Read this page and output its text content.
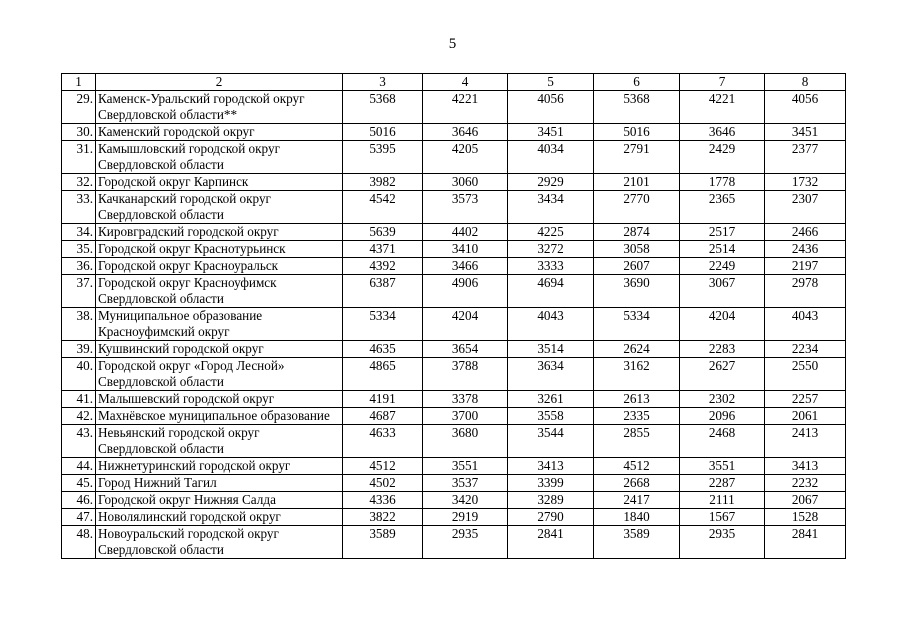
5
1	2	3	4	5	6	7	8
29.	Каменск-Уральский городской округ Свердловской области**	5368	4221	4056	5368	4221	4056
30.	Каменский городской округ	5016	3646	3451	5016	3646	3451
31.	Камышловский городской округ Свердловской области	5395	4205	4034	2791	2429	2377
32.	Городской округ Карпинск	3982	3060	2929	2101	1778	1732
33.	Качканарский городской округ Свердловской области	4542	3573	3434	2770	2365	2307
34.	Кировградский городской округ	5639	4402	4225	2874	2517	2466
35.	Городской округ Краснотурьинск	4371	3410	3272	3058	2514	2436
36.	Городской округ Красноуральск	4392	3466	3333	2607	2249	2197
37.	Городской округ Красноуфимск Свердловской области	6387	4906	4694	3690	3067	2978
38.	Муниципальное образование Красноуфимский округ	5334	4204	4043	5334	4204	4043
39.	Кушвинский городской округ	4635	3654	3514	2624	2283	2234
40.	Городской округ «Город Лесной» Свердловской области	4865	3788	3634	3162	2627	2550
41.	Малышевский городской округ	4191	3378	3261	2613	2302	2257
42.	Махнёвское муниципальное образование	4687	3700	3558	2335	2096	2061
43.	Невьянский городской округ Свердловской области	4633	3680	3544	2855	2468	2413
44.	Нижнетуринский городской округ	4512	3551	3413	4512	3551	3413
45.	Город Нижний Тагил	4502	3537	3399	2668	2287	2232
46.	Городской округ Нижняя Салда	4336	3420	3289	2417	2111	2067
47.	Новолялинский городской округ	3822	2919	2790	1840	1567	1528
48.	Новоуральский городской округ Свердловской области	3589	2935	2841	3589	2935	2841
